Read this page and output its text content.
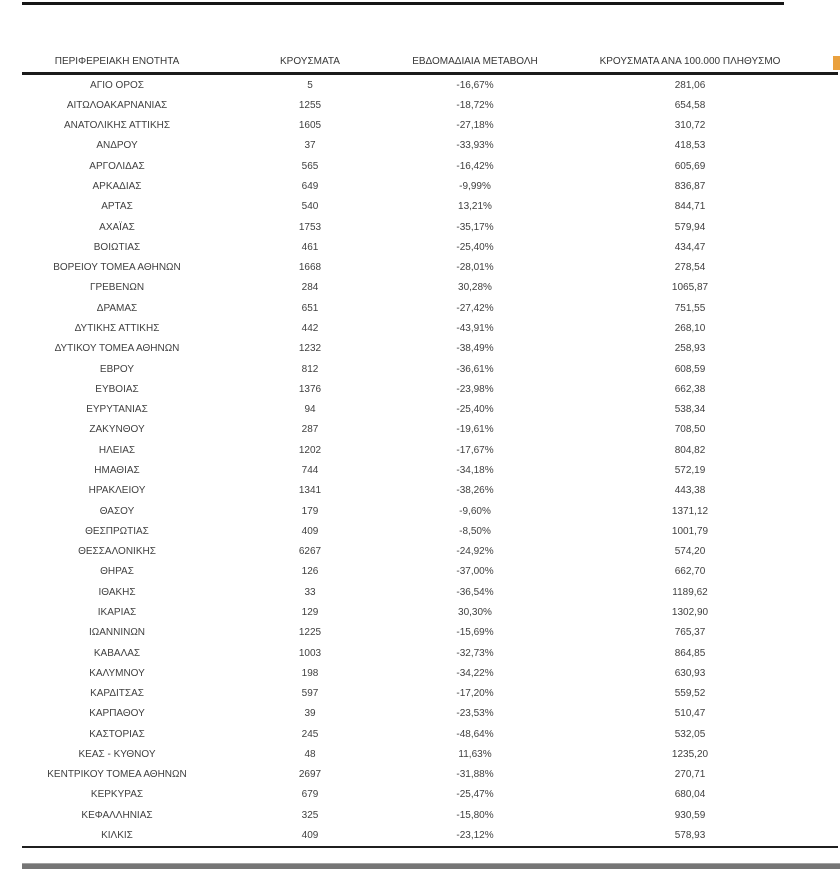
ΠΕΡΙΦΕΡΕΙΑΚΗ ΕΝΟΤΗΤΑ	ΚΡΟΥΣΜΑΤΑ	ΕΒΔΟΜΑΔΙΑΙΑ ΜΕΤΑΒΟΛΗ	ΚΡΟΥΣΜΑΤΑ ΑΝΑ 100.000 ΠΛΗΘΥΣΜΟ
ΑΓΙΟ ΟΡΟΣ	5	-16,67%	281,06
ΑΙΤΩΛΟΑΚΑΡΝΑΝΙΑΣ	1255	-18,72%	654,58
ΑΝΑΤΟΛΙΚΗΣ ΑΤΤΙΚΗΣ	1605	-27,18%	310,72
ΑΝΔΡΟΥ	37	-33,93%	418,53
ΑΡΓΟΛΙΔΑΣ	565	-16,42%	605,69
ΑΡΚΑΔΙΑΣ	649	-9,99%	836,87
ΑΡΤΑΣ	540	13,21%	844,71
ΑΧΑΪΑΣ	1753	-35,17%	579,94
ΒΟΙΩΤΙΑΣ	461	-25,40%	434,47
ΒΟΡΕΙΟΥ ΤΟΜΕΑ ΑΘΗΝΩΝ	1668	-28,01%	278,54
ΓΡΕΒΕΝΩΝ	284	30,28%	1065,87
ΔΡΑΜΑΣ	651	-27,42%	751,55
ΔΥΤΙΚΗΣ ΑΤΤΙΚΗΣ	442	-43,91%	268,10
ΔΥΤΙΚΟΥ ΤΟΜΕΑ ΑΘΗΝΩΝ	1232	-38,49%	258,93
ΕΒΡΟΥ	812	-36,61%	608,59
ΕΥΒΟΙΑΣ	1376	-23,98%	662,38
ΕΥΡΥΤΑΝΙΑΣ	94	-25,40%	538,34
ΖΑΚΥΝΘΟΥ	287	-19,61%	708,50
ΗΛΕΙΑΣ	1202	-17,67%	804,82
ΗΜΑΘΙΑΣ	744	-34,18%	572,19
ΗΡΑΚΛΕΙΟΥ	1341	-38,26%	443,38
ΘΑΣΟΥ	179	-9,60%	1371,12
ΘΕΣΠΡΩΤΙΑΣ	409	-8,50%	1001,79
ΘΕΣΣΑΛΟΝΙΚΗΣ	6267	-24,92%	574,20
ΘΗΡΑΣ	126	-37,00%	662,70
ΙΘΑΚΗΣ	33	-36,54%	1189,62
ΙΚΑΡΙΑΣ	129	30,30%	1302,90
ΙΩΑΝΝΙΝΩΝ	1225	-15,69%	765,37
ΚΑΒΑΛΑΣ	1003	-32,73%	864,85
ΚΑΛΥΜΝΟΥ	198	-34,22%	630,93
ΚΑΡΔΙΤΣΑΣ	597	-17,20%	559,52
ΚΑΡΠΑΘΟΥ	39	-23,53%	510,47
ΚΑΣΤΟΡΙΑΣ	245	-48,64%	532,05
ΚΕΑΣ - ΚΥΘΝΟΥ	48	11,63%	1235,20
ΚΕΝΤΡΙΚΟΥ ΤΟΜΕΑ ΑΘΗΝΩΝ	2697	-31,88%	270,71
ΚΕΡΚΥΡΑΣ	679	-25,47%	680,04
ΚΕΦΑΛΛΗΝΙΑΣ	325	-15,80%	930,59
ΚΙΛΚΙΣ	409	-23,12%	578,93
